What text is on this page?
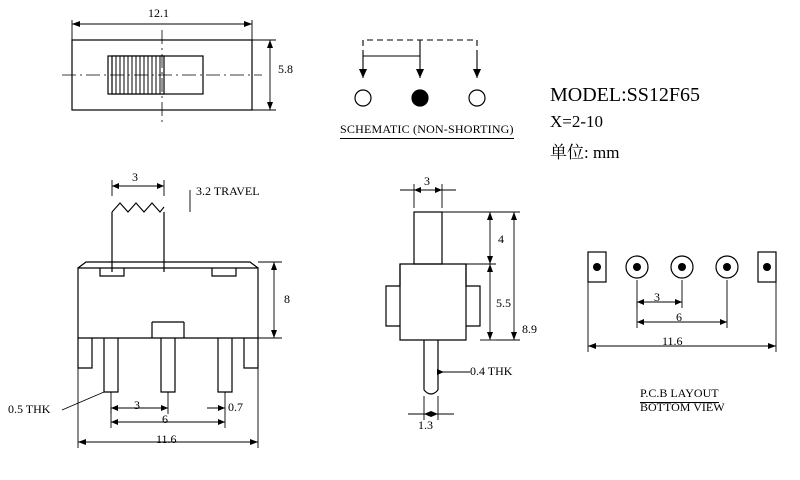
12.1
5.8
SCHEMATIC (NON-SHORTING)
MODEL:SS12F65
X=2-10
单位: mm
3
3.2 TRAVEL
8
0.5 THK	3	0.7
6
11.6
3
4
5.5
8.9
0.4 THK
1.3
3
6
11.6
P.C.B LAYOUT
BOTTOM VIEW
